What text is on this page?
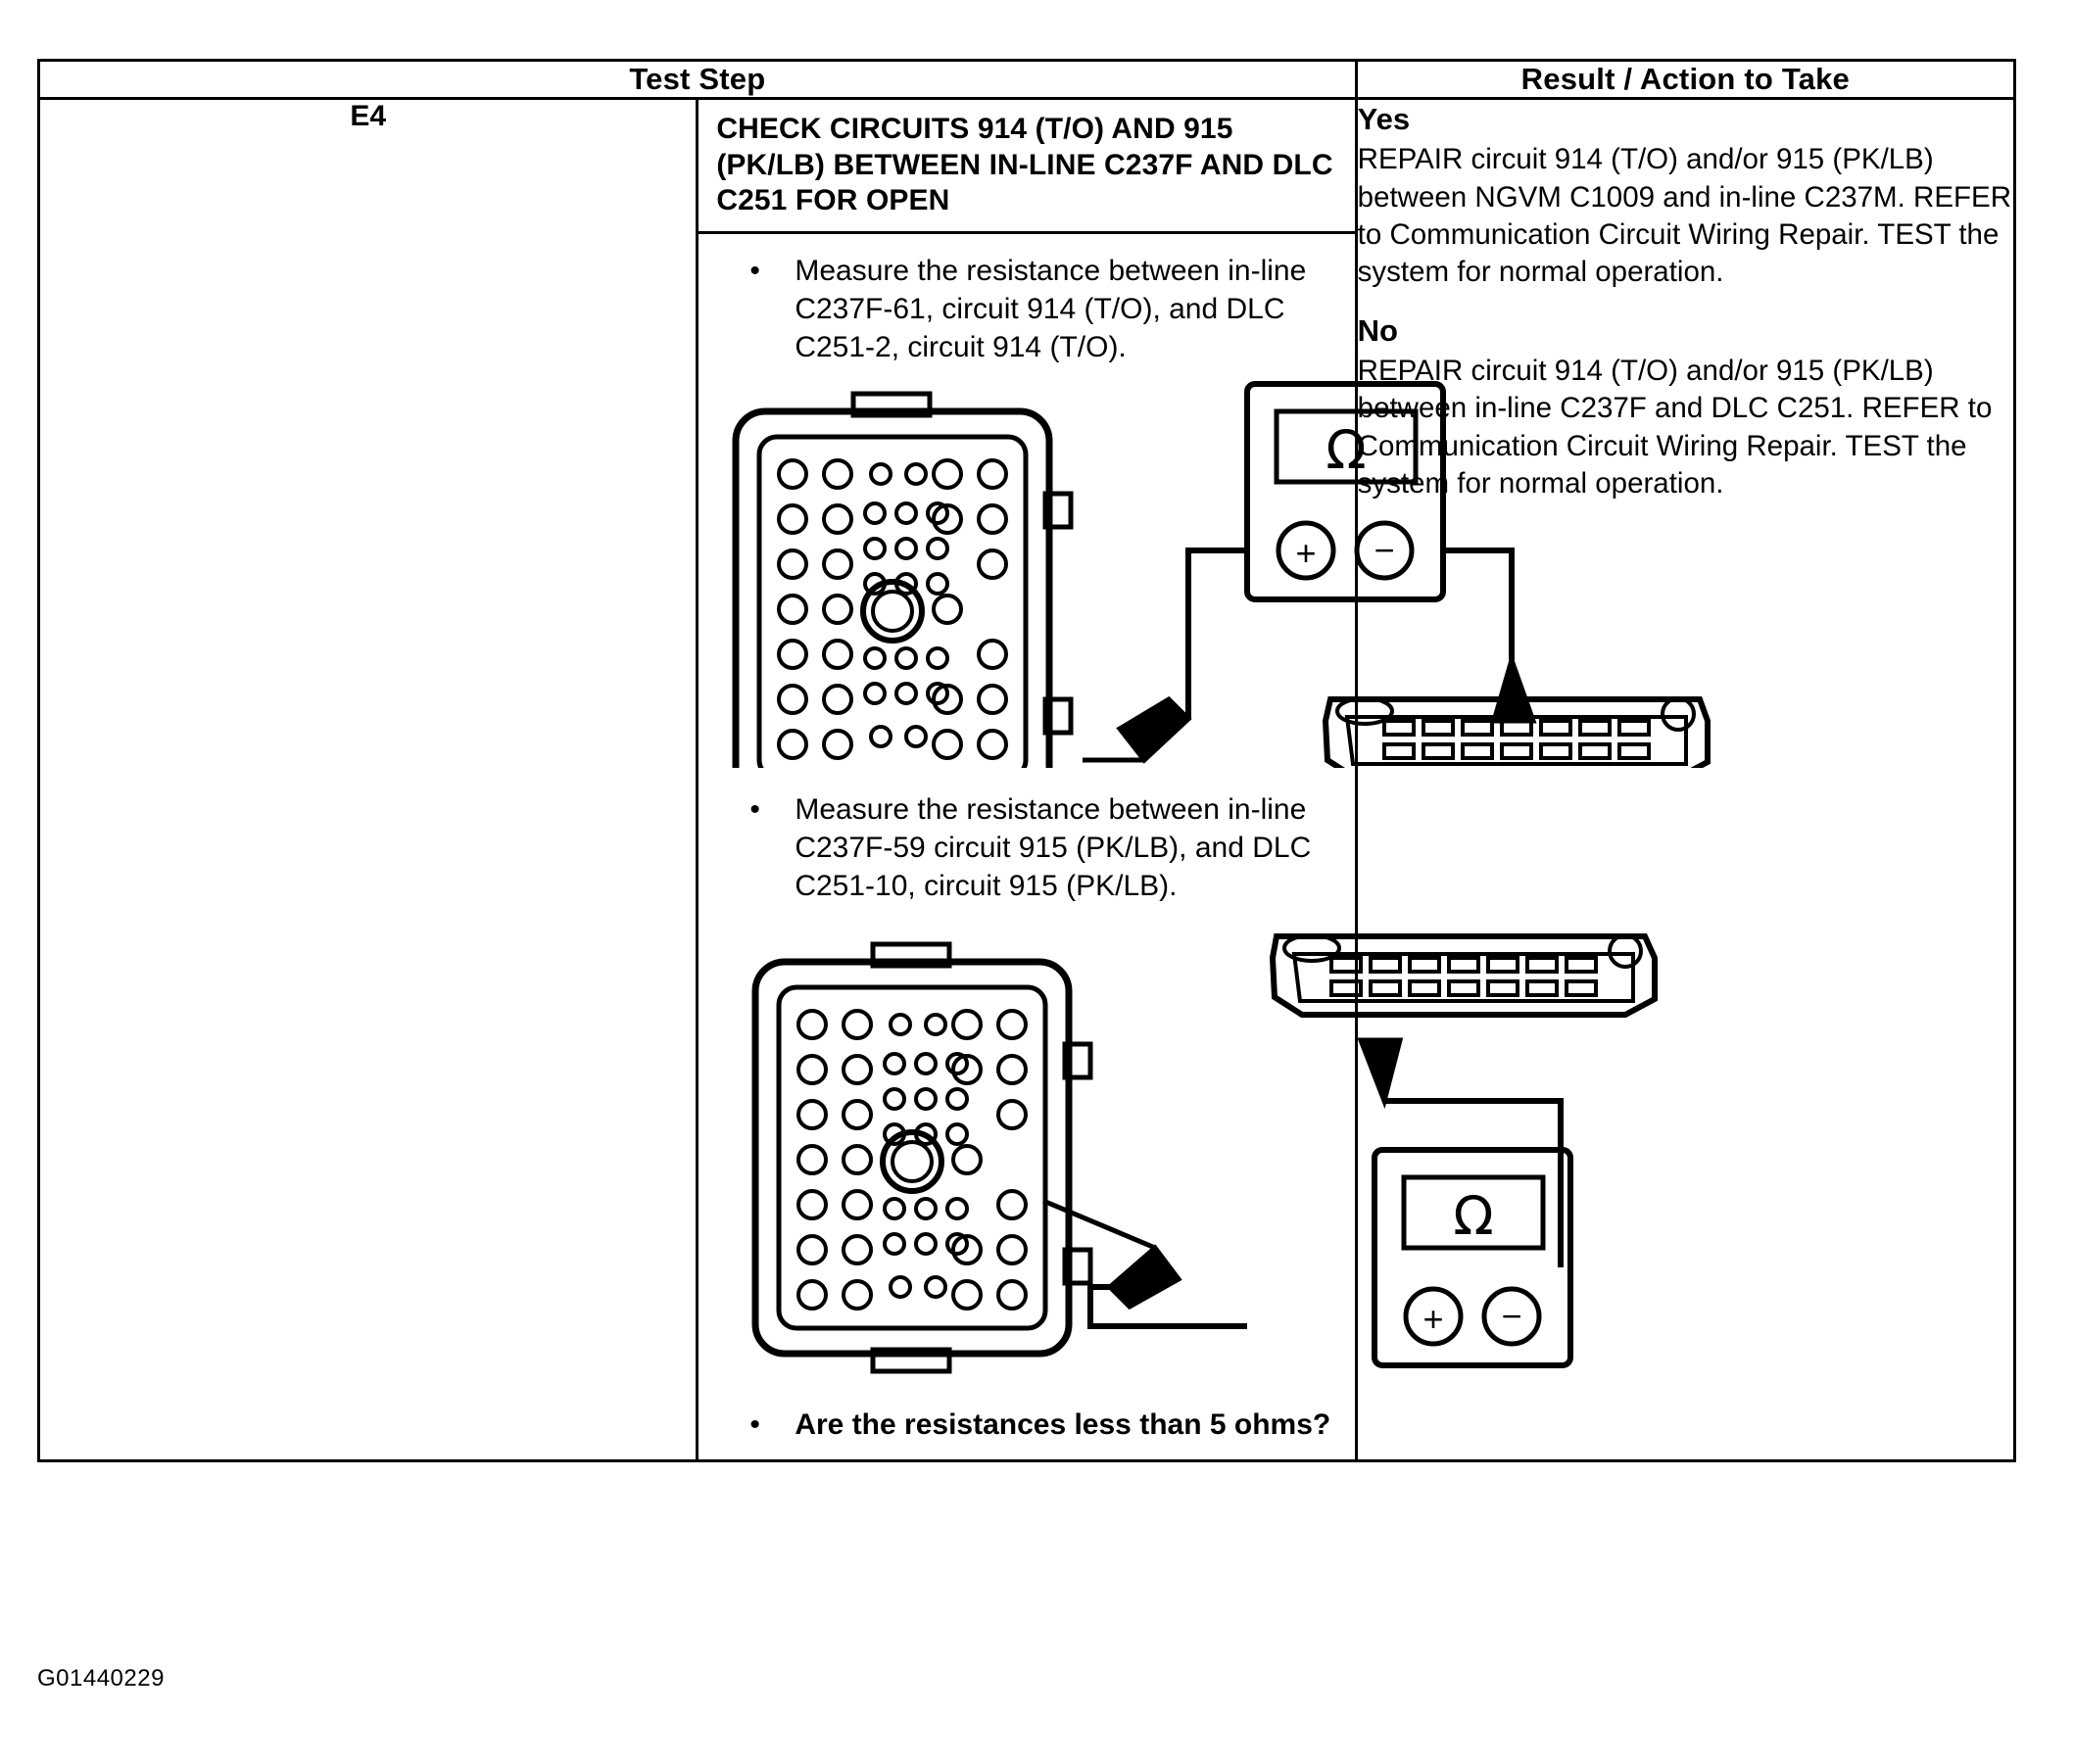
Test Step		Result / Action to Take
E4	CHECK CIRCUITS 914 (T/O) AND 915 (PK/LB) BETWEEN IN-LINE C237F AND DLC C251 FOR OPEN
•	Measure the resistance between in-line C237F-61, circuit 914 (T/O), and DLC C251-2, circuit 914 (T/O).
Ω
+ −
•	Measure the resistance between in-line C237F-59 circuit 915 (PK/LB), and DLC C251-10, circuit 915 (PK/LB).
Ω
+ −
•	Are the resistances less than 5 ohms?

Yes
REPAIR circuit 914 (T/O) and/or 915 (PK/LB) between NGVM C1009 and in-line C237M. REFER to Communication Circuit Wiring Repair. TEST the system for normal operation.
No
REPAIR circuit 914 (T/O) and/or 915 (PK/LB) between in-line C237F and DLC C251. REFER to Communication Circuit Wiring Repair. TEST the system for normal operation.
G01440229
